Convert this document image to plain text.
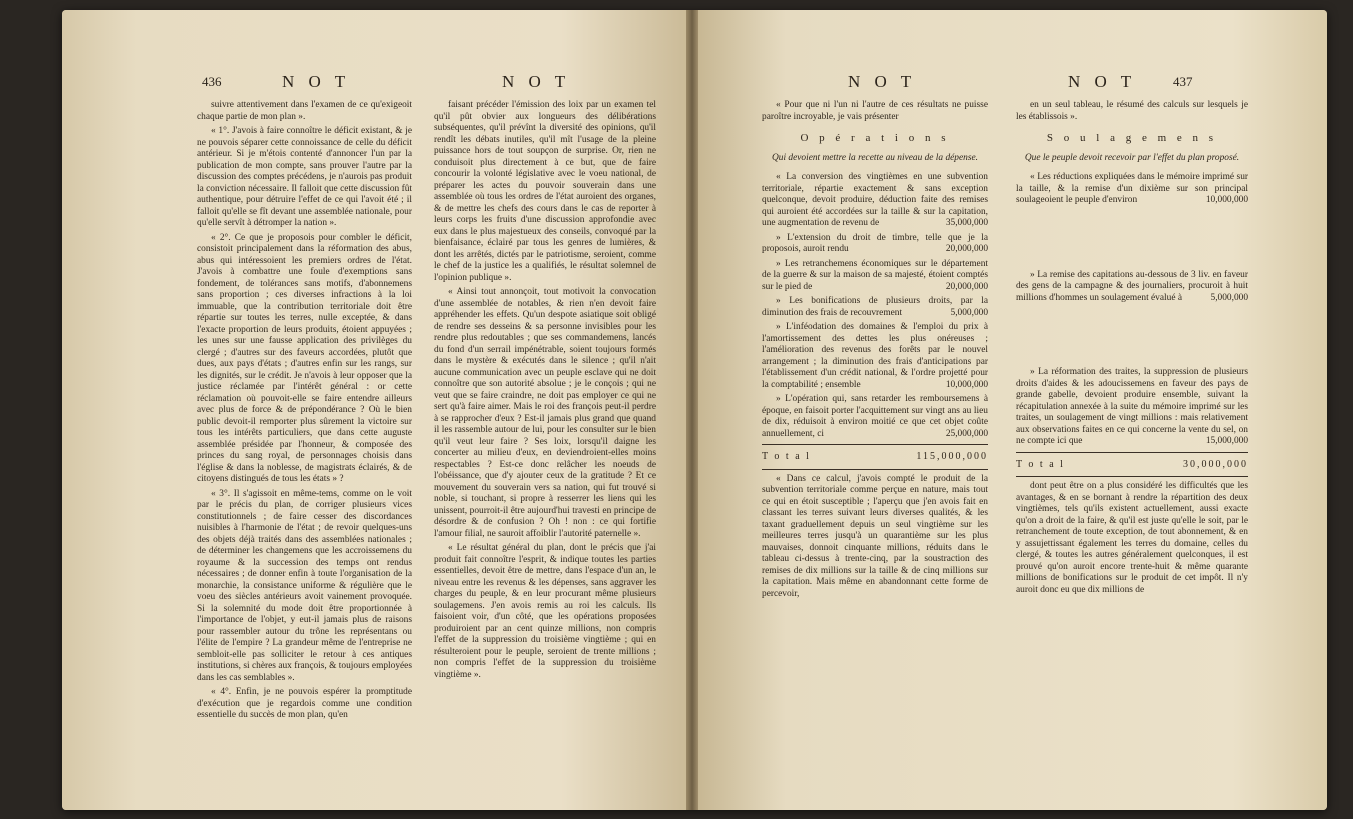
436	N O T	N O T

suivre attentivement dans l'examen de ce qu'exigeoit chaque partie de mon plan ».

« 1°. J'avois à faire connoître le déficit existant, & je ne pouvois séparer cette connoissance de celle du déficit antérieur. Si je m'étois contenté d'annoncer l'un par la publication de mon compte, sans prouver l'autre par la discussion des comptes précédens, je n'aurois pas produit la conviction nécessaire. Il falloit que cette discussion fût authentique, pour détruire l'effet de ce qui l'avoit été ; il falloit qu'elle se fît devant une assemblée nationale, pour qu'elle servît à détromper la nation ».

« 2°. Ce que je proposois pour combler le déficit, consistoit principalement dans la réformation des abus, abus qui intéressoient les premiers ordres de l'état. J'avois à combattre une foule d'exemptions sans fondement, de tolérances sans motifs, d'abonnemens sans proportion ; ces diverses infractions à la loi immuable, que la contribution territoriale doit être répartie sur toutes les terres, nulle exceptée, & dans l'exacte proportion de leurs produits, étoient appuyées ; les unes sur une fausse application des privilèges du clergé ; d'autres sur des faveurs accordées, plutôt que dues, aux pays d'états ; d'autres enfin sur les rangs, sur les dignités, sur le crédit. Je n'avois à leur opposer que la justice réclamée par l'intérêt général : or cette réclamation où pouvoit-elle se faire entendre ailleurs avec plus de force & de prépondérance ? Où le bien public devoit-il remporter plus sûrement la victoire sur tous les intérêts particuliers, que dans cette auguste assemblée présidée par l'honneur, & composée des princes du sang royal, de personnages choisis dans l'église & dans la noblesse, de magistrats éclairés, & de citoyens distingués de tous les états » ?

« 3°. Il s'agissoit en même-tems, comme on le voit par le précis du plan, de corriger plusieurs vices constitutionnels ; de faire cesser des discordances nuisibles à l'harmonie de l'état ; de revoir quelques-uns des objets déjà traités dans des assemblées nationales ; de déterminer les changemens que les accroissemens du royaume & la succession des temps ont rendus nécessaires ; de donner enfin à toute l'organisation de la monarchie, la consistance uniforme & régulière que le voeu des siècles antérieurs avoit vainement provoquée. Si la solemnité du mode doit être proportionnée à l'importance de l'objet, y eut-il jamais plus de raisons pour rassembler autour du trône les représentans ou l'élite de l'empire ? La grandeur même de l'entreprise ne sembloit-elle pas solliciter le retour à ces antiques institutions, si chères aux françois, & toujours employées dans les cas semblables ».

« 4°. Enfin, je ne pouvois espérer la promptitude d'exécution que je regardois comme une condition essentielle du succès de mon plan, qu'en

faisant précéder l'émission des loix par un examen tel qu'il pût obvier aux longueurs des délibérations subséquentes, qu'il prévînt la diversité des opinions, qu'il rendît les débats inutiles, qu'il mît l'usage de la pleine puissance hors de tout soupçon de surprise. Or, rien ne conduisoit plus directement à ce but, que de faire concourir la volonté législative avec le voeu national, de préparer les actes du pouvoir souverain dans une assemblée où tous les ordres de l'état auroient des organes, & de mettre les chefs des cours dans le cas de reporter à leurs corps les fruits d'une discussion approfondie avec eux dans le plus majestueux des conseils, convoqué par la bienfaisance, éclairé par tous les genres de lumières, & dont les arrêtés, dictés par le patriotisme, seroient, comme le chef de la justice les a qualifiés, le résultat solemnel de l'opinion publique ».

« Ainsi tout annonçoit, tout motivoit la convocation d'une assemblée de notables, & rien n'en devoit faire appréhender les effets. Qu'un despote asiatique soit obligé de rendre ses desseins & sa personne invisibles pour les rendre plus redoutables ; que ses commandemens, lancés du fond d'un serrail impénétrable, soient toujours formés dans le mystère & exécutés dans le silence ; qu'il n'ait aucune communication avec un peuple esclave qui ne doit connoître que son autorité absolue ; je le conçois ; qui ne veut que se faire craindre, ne doit pas employer ce qui ne sert qu'à faire aimer. Mais le roi des françois peut-il perdre à se rapprocher d'eux ? Est-il jamais plus grand que quand il les rassemble autour de lui, pour les consulter sur le bien qu'il veut leur faire ? Ses loix, lorsqu'il daigne les concerter au milieu d'eux, en deviendroient-elles moins respectables ? Est-ce donc relâcher les noeuds de l'obéissance, que d'y ajouter ceux de la gratitude ? Et ce mouvement du souverain vers sa nation, qui fut trouvé si noble, si touchant, si propre à resserrer les liens qui les unissent, pourroit-il être aujourd'hui travesti en principe de désordre & de confusion ? Oh ! non : ce qui fortifie l'amour filial, ne sauroit affoiblir l'autorité paternelle ».

« Le résultat général du plan, dont le précis que j'ai produit fait connoître l'esprit, & indique toutes les parties essentielles, devoit être de mettre, dans l'espace d'un an, le niveau entre les revenus & les dépenses, sans aggraver les charges du peuple, & en leur procurant même plusieurs soulagemens. J'en avois remis au roi les calculs. Ils faisoient voir, d'un côté, que les opérations proposées produiroient par an cent quinze millions, non compris l'effet de la suppression du troisième vingtième ; qui en résulteroient pour le peuple, seroient de trente millions ; non compris l'effet de la suppression du troisième vingtième ».

N O T	N O T	437

« Pour que ni l'un ni l'autre de ces résultats ne puisse paroître incroyable, je vais présenter

O p é r a t i o n s
Qui devoient mettre la recette au niveau de la dépense.

« La conversion des vingtièmes en une subvention territoriale, répartie exactement & sans exception quelconque, devoit produire, déduction faite des remises qui auroient été accordées sur la taille & sur la capitation, une augmentation de revenu de	35,000,000

» L'extension du droit de timbre, telle que je la proposois, auroit rendu	20,000,000

» Les retranchemens économiques sur le département de la guerre & sur la maison de sa majesté, étoient comptés sur le pied de	20,000,000

» Les bonifications de plusieurs droits, par la diminution des frais de recouvrement	5,000,000

» L'inféodation des domaines & l'emploi du prix à l'amortissement des dettes les plus onéreuses ; l'amélioration des revenus des forêts par le nouvel arrangement ; la diminution des frais d'anticipations par l'établissement d'un crédit national, & l'ordre projetté pour la comptabilité ; ensemble	10,000,000

» L'opération qui, sans retarder les remboursemens à époque, en faisoit porter l'acquittement sur vingt ans au lieu de dix, réduisoit à environ moitié ce que cet objet coûte annuellement, ci	25,000,000

T o t a l	115,000,000

« Dans ce calcul, j'avois compté le produit de la subvention territoriale comme perçue en nature, mais tout ce qui en étoit susceptible ; l'aperçu que j'en avois fait en classant les terres suivant leurs diverses qualités, & les taxant graduellement depuis un seul vingtième sur les meilleures terres jusqu'à un quarantième sur les plus mauvaises, donnoit cinquante millions, réduits dans le tableau ci-dessus à trente-cinq, par la soustraction des remises de dix millions sur la taille & de cinq millions sur la capitation. Mais même en abandonnant cette forme de percevoir,

en un seul tableau, le résumé des calculs sur lesquels je les établissois ».

S o u l a g e m e n s
Que le peuple devoit recevoir par l'effet du plan proposé.

« Les réductions expliquées dans le mémoire imprimé sur la taille, & la remise d'un dixième sur son principal soulageoient le peuple d'environ	10,000,000

» La remise des capitations au-dessous de 3 liv. en faveur des gens de la campagne & des journaliers, procuroit à huit millions d'hommes un soulagement évalué à	5,000,000

» La réformation des traites, la suppression de plusieurs droits d'aides & les adoucissemens en faveur des pays de grande gabelle, devoient produire ensemble, suivant la récapitulation annexée à la suite du mémoire imprimé sur les traites, un soulagement de vingt millions : mais relativement aux observations faites en ce qui concerne la vente du sel, on ne compte ici que	15,000,000

T o t a l	30,000,000

dont peut être on a plus considéré les difficultés que les avantages, & en se bornant à rendre la répartition des deux vingtièmes, tels qu'ils existent actuellement, aussi exacte qu'on a droit de la faire, & qu'il est juste qu'elle le soit, par le retranchement de toute exception, de tout abonnement, & en y assujettissant également les terres du domaine, celles du clergé, & toutes les autres généralement quelconques, il est prouvé qu'on auroit encore trente-huit & même quarante millions de bonifications sur le produit de cet impôt. Il n'y auroit donc eu que dix millions de
